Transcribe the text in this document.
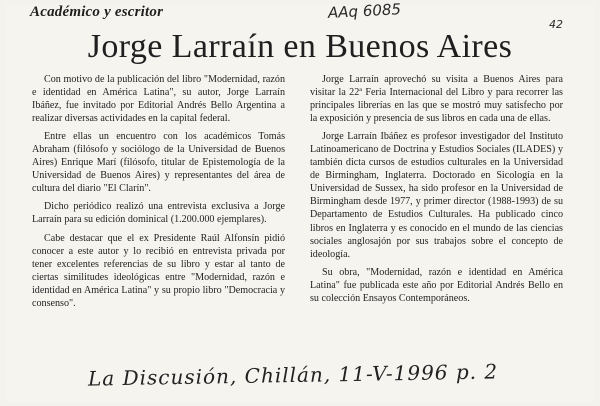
Académico y escritor	AAq 6085
42
Jorge Larraín en Buenos Aires

Con motivo de la publicación del libro "Modernidad, razón e identidad en América Latina", su autor, Jorge Larraín Ibáñez, fue invitado por Editorial Andrés Bello Argentina a realizar diversas actividades en la capital federal.

Entre ellas un encuentro con los académicos Tomás Abraham (filósofo y sociólogo de la Universidad de Buenos Aires) Enrique Marí (filósofo, titular de Epistemología de la Universidad de Buenos Aires) y representantes del área de cultura del diario "El Clarín".

Dicho periódico realizó una entrevista exclusiva a Jorge Larraín para su edición dominical (1.200.000 ejemplares).

Cabe destacar que el ex Presidente Raúl Alfonsín pidió conocer a este autor y lo recibió en entrevista privada por tener excelentes referencias de su libro y estar al tanto de ciertas similitudes ideológicas entre "Modernidad, razón e identidad en América Latina" y su propio libro "Democracia y consenso".

Jorge Larraín aprovechó su visita a Buenos Aires para visitar la 22ª Feria Internacional del Libro y para recorrer las principales librerías en las que se mostró muy satisfecho por la exposición y presencia de sus libros en cada una de ellas.

Jorge Larraín Ibáñez es profesor investigador del Instituto Latinoamericano de Doctrina y Estudios Sociales (ILADES) y también dicta cursos de estudios culturales en la Universidad de Birmingham, Inglaterra. Doctorado en Sicología en la Universidad de Sussex, ha sido profesor en la Universidad de Birmingham desde 1977, y primer director (1988-1993) de su Departamento de Estudios Culturales. Ha publicado cinco libros en Inglaterra y es conocido en el mundo de las ciencias sociales anglosajón por sus trabajos sobre el concepto de ideología.

Su obra, "Modernidad, razón e identidad en América Latina" fue publicada este año por Editorial Andrés Bello en su colección Ensayos Contemporáneos.

La Discusión, Chillán, 11-V-1996 p. 2
